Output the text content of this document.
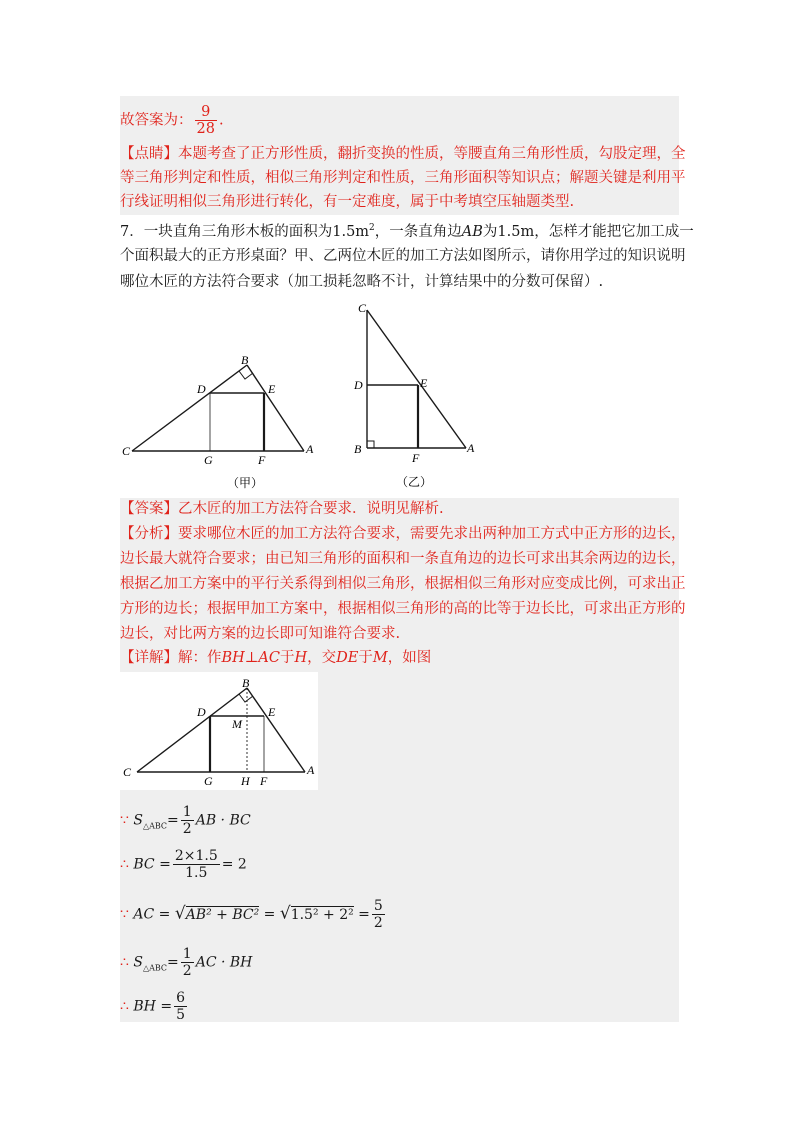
故答案为： $\frac{9}{28}$ .
【点睛】本题考查了正方形性质，翻折变换的性质，等腰直角三角形性质，勾股定理，全
等三角形判定和性质，相似三角形判定和性质，三角形面积等知识点；解题关键是利用平
行线证明相似三角形进行转化，有一定难度，属于中考填空压轴题类型.
7．一块直角三角形木板的面积为$1.5m^2$，一条直角边AB为1.5m，怎样才能把它加工成一
个面积最大的正方形桌面？甲、乙两位木匠的加工方法如图所示，请你用学过的知识说明
哪位木匠的方法符合要求（加工损耗忽略不计，计算结果中的分数可保留）.
B
D	E
C
G	F
A
（甲）
C
D	E
B
F
A
（乙）
【答案】乙木匠的加工方法符合要求．说明见解析.
【分析】要求哪位木匠的加工方法符合要求，需要先求出两种加工方式中正方形的边长，
边长最大就符合要求；由已知三角形的面积和一条直角边的边长可求出其余两边的边长，
根据乙加工方案中的平行关系得到相似三角形，根据相似三角形对应变成比例，可求出正
方形的边长；根据甲加工方案中，根据相似三角形的高的比等于边长比，可求出正方形的
边长，对比两方案的边长即可知谁符合要求.
【详解】解：作BH⊥AC于H，交DE于M，如图
B
D
M
E
C
G H F
A
∵ $S_{\triangle ABC}= \frac{1}{2}$ AB · BC
∴ BC = $\frac{2\times 1.5}{1.5} = 2$
∵ AC = $√AB^2 + BC^2 = √1.5^2 + 2^2 = \frac{5}{2}$
∴ $S_{\triangle ABC}= \frac{1}{2}$ AC · BH
∴ BH = $\frac{6}{5}$
